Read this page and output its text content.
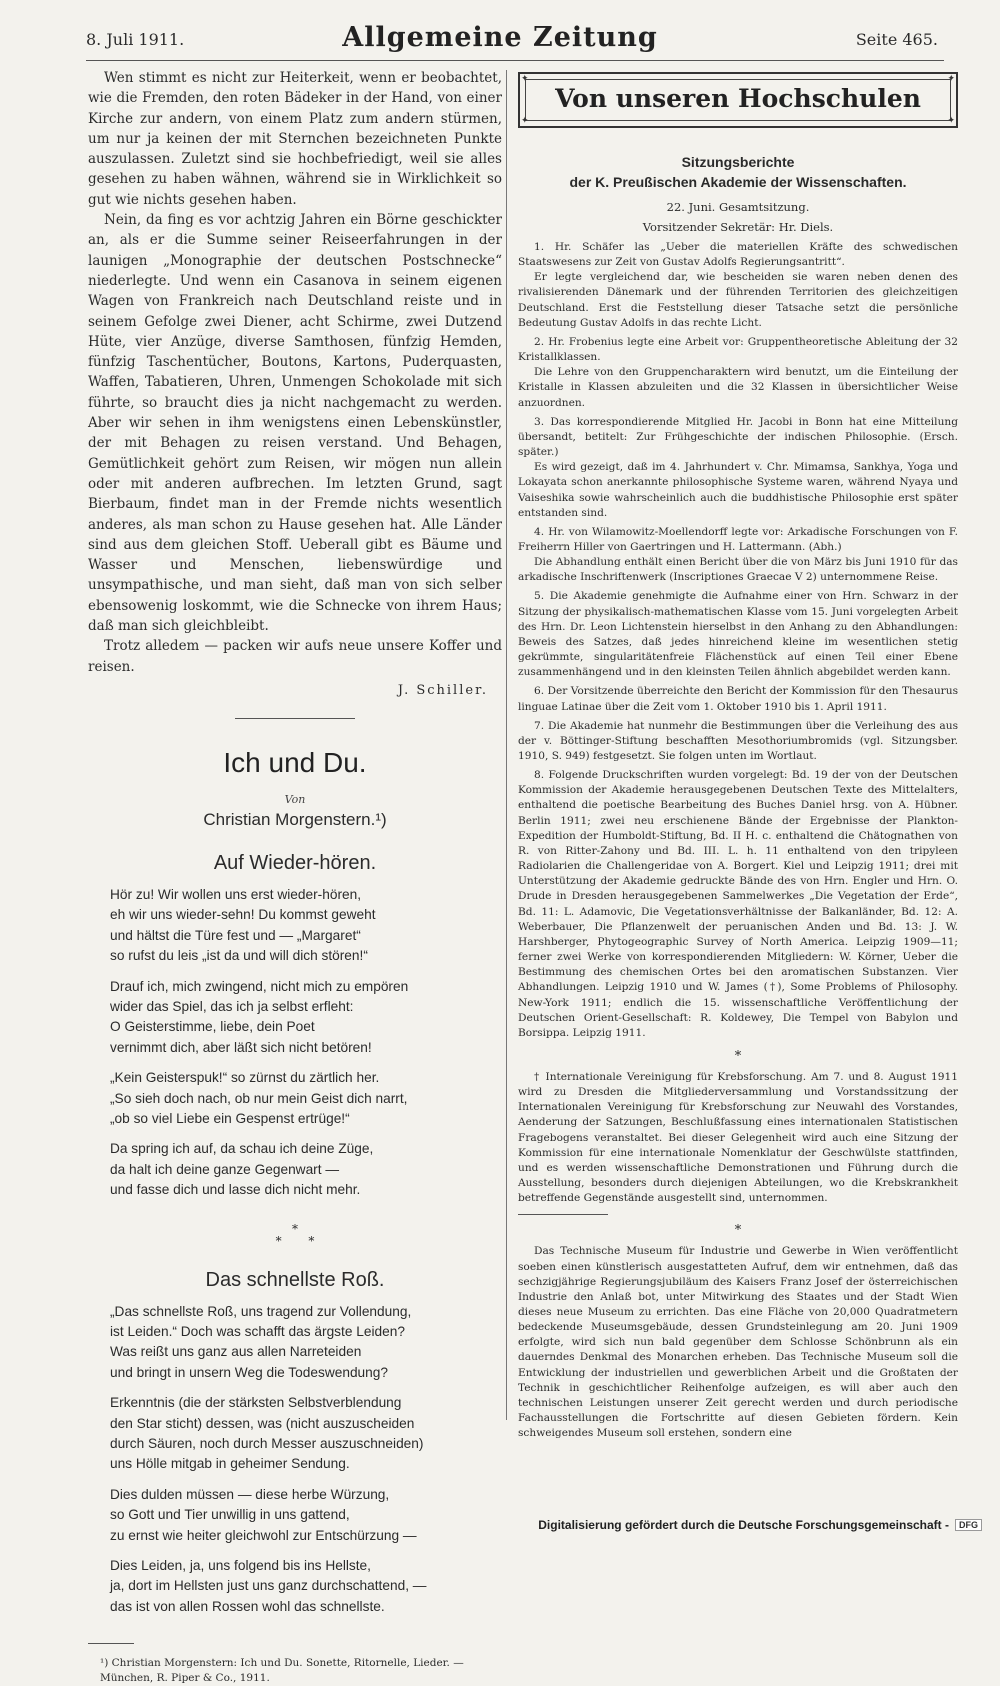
8. Juli 1911.	Allgemeine Zeitung	Seite 465.

Wen stimmt es nicht zur Heiterkeit, wenn er beobachtet, wie die Fremden, den roten Bädeker in der Hand, von einer Kirche zur andern, von einem Platz zum andern stürmen, um nur ja keinen der mit Sternchen bezeichneten Punkte auszulassen. Zuletzt sind sie hochbefriedigt, weil sie alles gesehen zu haben wähnen, während sie in Wirklichkeit so gut wie nichts gesehen haben.

Nein, da fing es vor achtzig Jahren ein Börne geschickter an, als er die Summe seiner Reiseerfahrungen in der launigen „Monographie der deutschen Postschnecke“ niederlegte. Und wenn ein Casanova in seinem eigenen Wagen von Frankreich nach Deutschland reiste und in seinem Gefolge zwei Diener, acht Schirme, zwei Dutzend Hüte, vier Anzüge, diverse Samthosen, fünfzig Hemden, fünfzig Taschentücher, Boutons, Kartons, Puderquasten, Waffen, Tabatieren, Uhren, Unmengen Schokolade mit sich führte, so braucht dies ja nicht nachgemacht zu werden. Aber wir sehen in ihm wenigstens einen Lebenskünstler, der mit Behagen zu reisen verstand. Und Behagen, Gemütlichkeit gehört zum Reisen, wir mögen nun allein oder mit anderen aufbrechen. Im letzten Grund, sagt Bierbaum, findet man in der Fremde nichts wesentlich anderes, als man schon zu Hause gesehen hat. Alle Länder sind aus dem gleichen Stoff. Ueberall gibt es Bäume und Wasser und Menschen, liebenswürdige und unsympathische, und man sieht, daß man von sich selber ebensowenig loskommt, wie die Schnecke von ihrem Haus; daß man sich gleichbleibt.

Trotz alledem — packen wir aufs neue unsere Koffer und reisen.

J. Schiller.
Ich und Du.
Von
Christian Morgenstern.¹)
Auf Wieder-hören.
Hör zu! Wir wollen uns erst wieder-hören,
eh wir uns wieder-sehn! Du kommst geweht
und hältst die Türe fest und — „Margaret“
so rufst du leis „ist da und will dich stören!“
Drauf ich, mich zwingend, nicht mich zu empören
wider das Spiel, das ich ja selbst erfleht:
O Geisterstimme, liebe, dein Poet
vernimmt dich, aber läßt sich nicht betören!
„Kein Geisterspuk!“ so zürnst du zärtlich her.
„So sieh doch nach, ob nur mein Geist dich narrt,
„ob so viel Liebe ein Gespenst ertrüge!“
Da spring ich auf, da schau ich deine Züge,
da halt ich deine ganze Gegenwart —
und fasse dich und lasse dich nicht mehr.
*
* *
Das schnellste Roß.
„Das schnellste Roß, uns tragend zur Vollendung,
ist Leiden.“ Doch was schafft das ärgste Leiden?
Was reißt uns ganz aus allen Narreteiden
und bringt in unsern Weg die Todeswendung?
Erkenntnis (die der stärksten Selbstverblendung
den Star sticht) dessen, was (nicht auszuscheiden
durch Säuren, noch durch Messer auszuschneiden)
uns Hölle mitgab in geheimer Sendung.
Dies dulden müssen — diese herbe Würzung,
so Gott und Tier unwillig in uns gattend,
zu ernst wie heiter gleichwohl zur Entschürzung —
Dies Leiden, ja, uns folgend bis ins Hellste,
ja, dort im Hellsten just uns ganz durchschattend, —
das ist von allen Rossen wohl das schnellste.
¹) Christian Morgenstern: Ich und Du. Sonette, Ritornelle, Lieder. — München, R. Piper & Co., 1911.
✦	✦
✦	✦
Von unseren Hochschulen
Sitzungsberichte
der K. Preußischen Akademie der Wissenschaften.
22. Juni. Gesamtsitzung.
Vorsitzender Sekretär: Hr. Diels.

1. Hr. Schäfer las „Ueber die materiellen Kräfte des schwedischen Staatswesens zur Zeit von Gustav Adolfs Regierungsantritt“.

Er legte vergleichend dar, wie bescheiden sie waren neben denen des rivalisierenden Dänemark und der führenden Territorien des gleichzeitigen Deutschland. Erst die Feststellung dieser Tatsache setzt die persönliche Bedeutung Gustav Adolfs in das rechte Licht.

2. Hr. Frobenius legte eine Arbeit vor: Gruppentheoretische Ableitung der 32 Kristallklassen.

Die Lehre von den Gruppencharaktern wird benutzt, um die Einteilung der Kristalle in Klassen abzuleiten und die 32 Klassen in übersichtlicher Weise anzuordnen.

3. Das korrespondierende Mitglied Hr. Jacobi in Bonn hat eine Mitteilung übersandt, betitelt: Zur Frühgeschichte der indischen Philosophie. (Ersch. später.)

Es wird gezeigt, daß im 4. Jahrhundert v. Chr. Mimamsa, Sankhya, Yoga und Lokayata schon anerkannte philosophische Systeme waren, während Nyaya und Vaiseshika sowie wahrscheinlich auch die buddhistische Philosophie erst später entstanden sind.

4. Hr. von Wilamowitz-Moellendorff legte vor: Arkadische Forschungen von F. Freiherrn Hiller von Gaertringen und H. Lattermann. (Abh.)

Die Abhandlung enthält einen Bericht über die von März bis Juni 1910 für das arkadische Inschriftenwerk (Inscriptiones Graecae V 2) unternommene Reise.

5. Die Akademie genehmigte die Aufnahme einer von Hrn. Schwarz in der Sitzung der physikalisch-mathematischen Klasse vom 15. Juni vorgelegten Arbeit des Hrn. Dr. Leon Lichtenstein hierselbst in den Anhang zu den Abhandlungen: Beweis des Satzes, daß jedes hinreichend kleine im wesentlichen stetig gekrümmte, singularitätenfreie Flächenstück auf einen Teil einer Ebene zusammenhängend und in den kleinsten Teilen ähnlich abgebildet werden kann.

6. Der Vorsitzende überreichte den Bericht der Kommission für den Thesaurus linguae Latinae über die Zeit vom 1. Oktober 1910 bis 1. April 1911.

7. Die Akademie hat nunmehr die Bestimmungen über die Verleihung des aus der v. Böttinger-Stiftung beschafften Mesothoriumbromids (vgl. Sitzungsber. 1910, S. 949) festgesetzt. Sie folgen unten im Wortlaut.

8. Folgende Druckschriften wurden vorgelegt: Bd. 19 der von der Deutschen Kommission der Akademie herausgegebenen Deutschen Texte des Mittelalters, enthaltend die poetische Bearbeitung des Buches Daniel hrsg. von A. Hübner. Berlin 1911; zwei neu erschienene Bände der Ergebnisse der Plankton-Expedition der Humboldt-Stiftung, Bd. II H. c. enthaltend die Chätognathen von R. von Ritter-Zahony und Bd. III. L. h. 11 enthaltend von den tripyleen Radiolarien die Challengeridae von A. Borgert. Kiel und Leipzig 1911; drei mit Unterstützung der Akademie gedruckte Bände des von Hrn. Engler und Hrn. O. Drude in Dresden herausgegebenen Sammelwerkes „Die Vegetation der Erde“, Bd. 11: L. Adamovic, Die Vegetationsverhältnisse der Balkanländer, Bd. 12: A. Weberbauer, Die Pflanzenwelt der peruanischen Anden und Bd. 13: J. W. Harshberger, Phytogeographic Survey of North America. Leipzig 1909—11; ferner zwei Werke von korrespondierenden Mitgliedern: W. Körner, Ueber die Bestimmung des chemischen Ortes bei den aromatischen Substanzen. Vier Abhandlungen. Leipzig 1910 und W. James (†), Some Problems of Philosophy. New-York 1911; endlich die 15. wissenschaftliche Veröffentlichung der Deutschen Orient-Gesellschaft: R. Koldewey, Die Tempel von Babylon und Borsippa. Leipzig 1911.

*

† Internationale Vereinigung für Krebsforschung. Am 7. und 8. August 1911 wird zu Dresden die Mitgliederversammlung und Vorstandssitzung der Internationalen Vereinigung für Krebsforschung zur Neuwahl des Vorstandes, Aenderung der Satzungen, Beschlußfassung eines internationalen Statistischen Fragebogens veranstaltet. Bei dieser Gelegenheit wird auch eine Sitzung der Kommission für eine internationale Nomenklatur der Geschwülste stattfinden, und es werden wissenschaftliche Demonstrationen und Führung durch die Ausstellung, besonders durch diejenigen Abteilungen, wo die Krebskrankheit betreffende Gegenstände ausgestellt sind, unternommen.

*

Das Technische Museum für Industrie und Gewerbe in Wien veröffentlicht soeben einen künstlerisch ausgestatteten Aufruf, dem wir entnehmen, daß das sechzigjährige Regierungsjubiläum des Kaisers Franz Josef der österreichischen Industrie den Anlaß bot, unter Mitwirkung des Staates und der Stadt Wien dieses neue Museum zu errichten. Das eine Fläche von 20,000 Quadratmetern bedeckende Museumsgebäude, dessen Grundsteinlegung am 20. Juni 1909 erfolgte, wird sich nun bald gegenüber dem Schlosse Schönbrunn als ein dauerndes Denkmal des Monarchen erheben. Das Technische Museum soll die Entwicklung der industriellen und gewerblichen Arbeit und die Großtaten der Technik in geschichtlicher Reihenfolge aufzeigen, es will aber auch den technischen Leistungen unserer Zeit gerecht werden und durch periodische Fachausstellungen die Fortschritte auf diesen Gebieten fördern. Kein schweigendes Museum soll erstehen, sondern eine

Digitalisierung gefördert durch die Deutsche Forschungsgemeinschaft -	DFG
